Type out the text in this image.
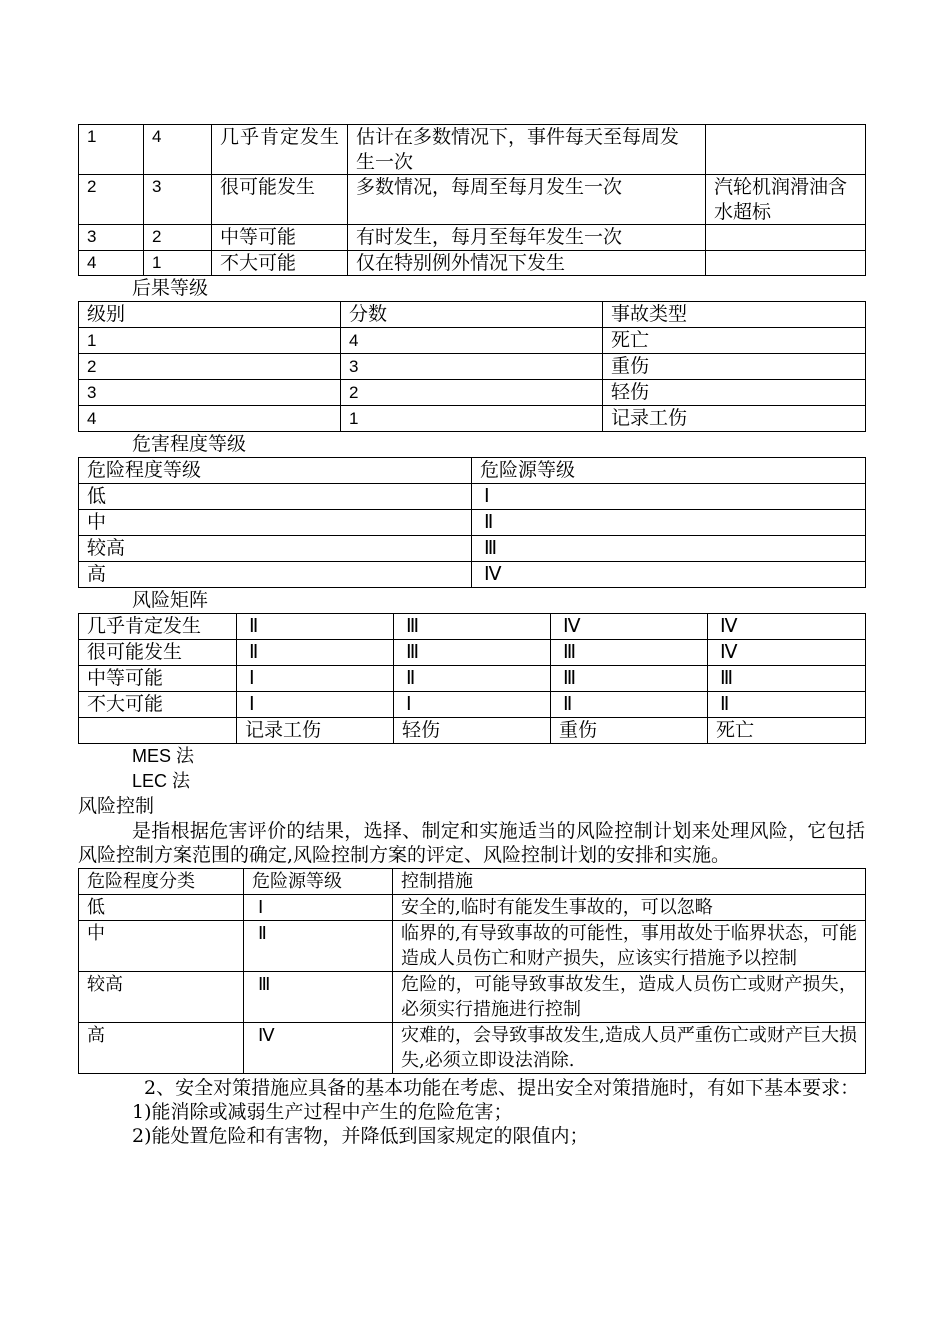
1	4	几乎肯定发生	估计在多数情况下，事件每天至每周发生一次	
2	3	很可能发生	多数情况，每周至每月发生一次	汽轮机润滑油含水超标
3	2	中等可能	有时发生，每月至每年发生一次	
4	1	不大可能	仅在特别例外情况下发生	
后果等级
级别	分数	事故类型
1	4	死亡
2	3	重伤
3	2	轻伤
4	1	记录工伤
危害程度等级
危险程度等级	危险源等级
低	Ⅰ
中	Ⅱ
较高	Ⅲ
高	Ⅳ
风险矩阵
几乎肯定发生	Ⅱ	Ⅲ	Ⅳ	Ⅳ
很可能发生	Ⅱ	Ⅲ	Ⅲ	Ⅳ
中等可能	Ⅰ	Ⅱ	Ⅲ	Ⅲ
不大可能	Ⅰ	Ⅰ	Ⅱ	Ⅱ
	记录工伤	轻伤	重伤	死亡
MES 法
LEC 法
风险控制
是指根据危害评价的结果，选择、制定和实施适当的风险控制计划来处理风险，它包括风险控制方案范围的确定,风险控制方案的评定、风险控制计划的安排和实施。
危险程度分类	危险源等级	控制措施
低	Ⅰ	安全的,临时有能发生事故的，可以忽略
中	Ⅱ	临界的,有导致事故的可能性，事用故处于临界状态，可能造成人员伤亡和财产损失，应该实行措施予以控制
较高	Ⅲ	危险的，可能导致事故发生，造成人员伤亡或财产损失，必须实行措施进行控制
高	Ⅳ	灾难的，会导致事故发生,造成人员严重伤亡或财产巨大损失,必须立即设法消除.
2、安全对策措施应具备的基本功能在考虑、提出安全对策措施时，有如下基本要求：
1)能消除或减弱生产过程中产生的危险危害；
2)能处置危险和有害物，并降低到国家规定的限值内；
